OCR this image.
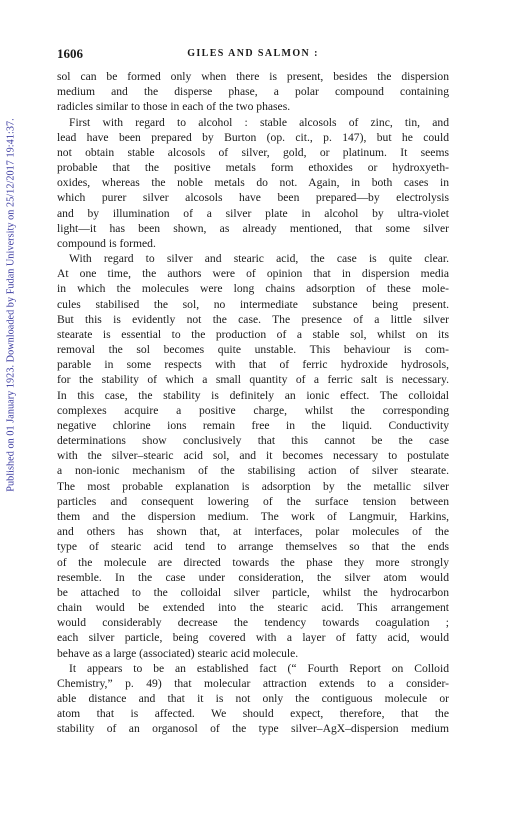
Published on 01 January 1923. Downloaded by Fudan University on 25/12/2017 19:41:37.
1606	GILES AND SALMON :
sol can be formed only when there is present, besides the dispersion
medium and the disperse phase, a polar compound containing
radicles similar to those in each of the two phases.
First with regard to alcohol : stable alcosols of zinc, tin, and
lead have been prepared by Burton (op. cit., p. 147), but he could
not obtain stable alcosols of silver, gold, or platinum. It seems
probable that the positive metals form ethoxides or hydroxyeth-
oxides, whereas the noble metals do not. Again, in both cases in
which purer silver alcosols have been prepared—by electrolysis
and by illumination of a silver plate in alcohol by ultra-violet
light—it has been shown, as already mentioned, that some silver
compound is formed.
With regard to silver and stearic acid, the case is quite clear.
At one time, the authors were of opinion that in dispersion media
in which the molecules were long chains adsorption of these mole-
cules stabilised the sol, no intermediate substance being present.
But this is evidently not the case. The presence of a little silver
stearate is essential to the production of a stable sol, whilst on its
removal the sol becomes quite unstable. This behaviour is com-
parable in some respects with that of ferric hydroxide hydrosols,
for the stability of which a small quantity of a ferric salt is necessary.
In this case, the stability is definitely an ionic effect. The colloidal
complexes acquire a positive charge, whilst the corresponding
negative chlorine ions remain free in the liquid. Conductivity
determinations show conclusively that this cannot be the case
with the silver–stearic acid sol, and it becomes necessary to postulate
a non-ionic mechanism of the stabilising action of silver stearate.
The most probable explanation is adsorption by the metallic silver
particles and consequent lowering of the surface tension between
them and the dispersion medium. The work of Langmuir, Harkins,
and others has shown that, at interfaces, polar molecules of the
type of stearic acid tend to arrange themselves so that the ends
of the molecule are directed towards the phase they more strongly
resemble. In the case under consideration, the silver atom would
be attached to the colloidal silver particle, whilst the hydrocarbon
chain would be extended into the stearic acid. This arrangement
would considerably decrease the tendency towards coagulation ;
each silver particle, being covered with a layer of fatty acid, would
behave as a large (associated) stearic acid molecule.
It appears to be an established fact (“ Fourth Report on Colloid
Chemistry,” p. 49) that molecular attraction extends to a consider-
able distance and that it is not only the contiguous molecule or
atom that is affected. We should expect, therefore, that the
stability of an organosol of the type silver–AgX–dispersion medium
